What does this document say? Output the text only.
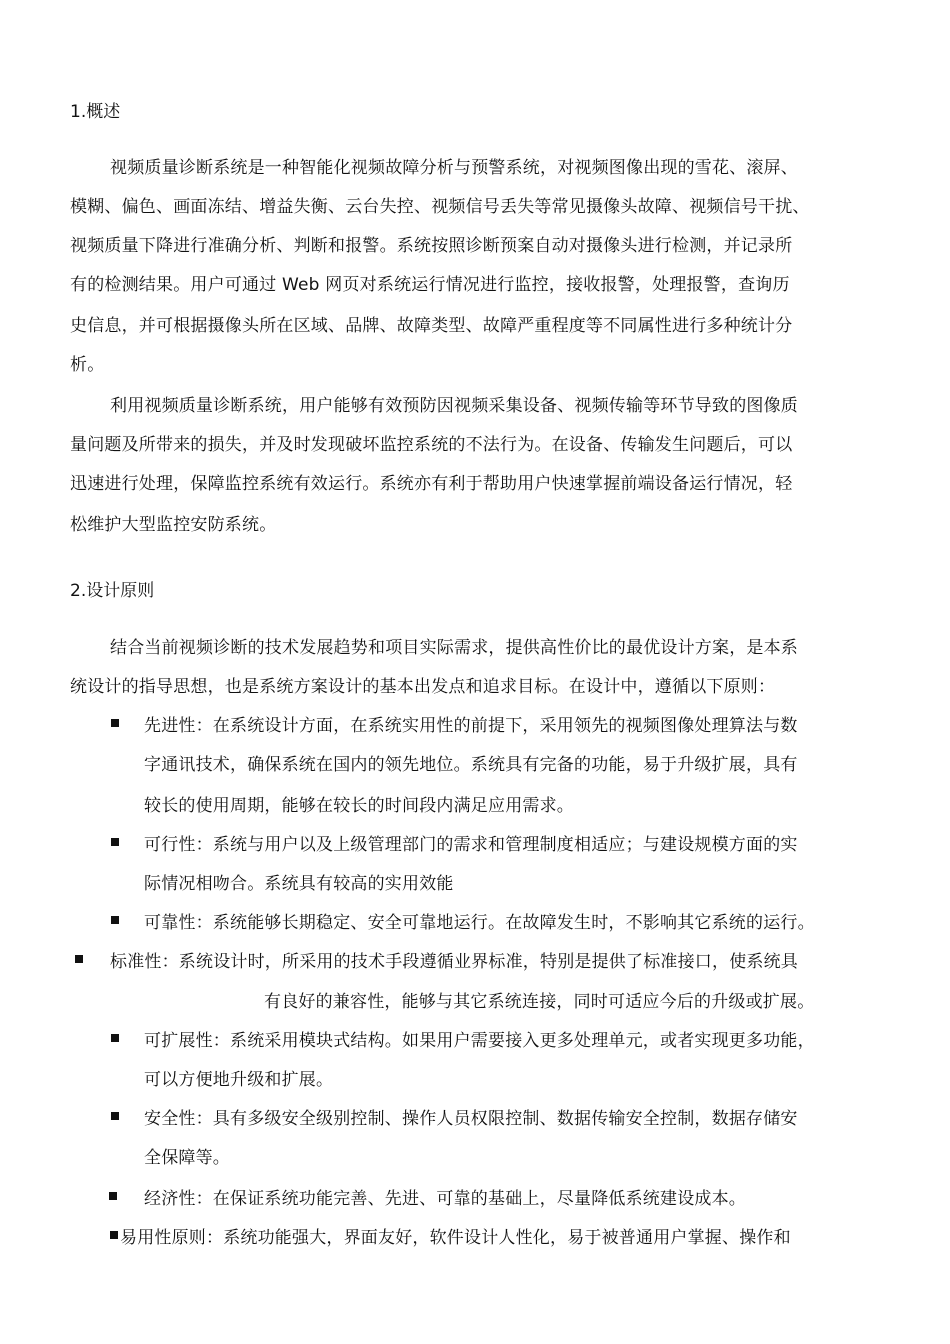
1.概述
视频质量诊断系统是一种智能化视频故障分析与预警系统，对视频图像出现的雪花、滚屏、
模糊、偏色、画面冻结、增益失衡、云台失控、视频信号丢失等常见摄像头故障、视频信号干扰、
视频质量下降进行准确分析、判断和报警。系统按照诊断预案自动对摄像头进行检测，并记录所
有的检测结果。用户可通过 Web 网页对系统运行情况进行监控，接收报警，处理报警，查询历
史信息，并可根据摄像头所在区域、品牌、故障类型、故障严重程度等不同属性进行多种统计分
析。
利用视频质量诊断系统，用户能够有效预防因视频采集设备、视频传输等环节导致的图像质
量问题及所带来的损失，并及时发现破坏监控系统的不法行为。在设备、传输发生问题后，可以
迅速进行处理，保障监控系统有效运行。系统亦有利于帮助用户快速掌握前端设备运行情况，轻
松维护大型监控安防系统。
2.设计原则
结合当前视频诊断的技术发展趋势和项目实际需求，提供高性价比的最优设计方案，是本系
统设计的指导思想，也是系统方案设计的基本出发点和追求目标。在设计中，遵循以下原则：
先进性：在系统设计方面，在系统实用性的前提下，采用领先的视频图像处理算法与数
字通讯技术，确保系统在国内的领先地位。系统具有完备的功能，易于升级扩展，具有
较长的使用周期，能够在较长的时间段内满足应用需求。
可行性：系统与用户以及上级管理部门的需求和管理制度相适应；与建设规模方面的实
际情况相吻合。系统具有较高的实用效能
可靠性：系统能够长期稳定、安全可靠地运行。在故障发生时，不影响其它系统的运行。
标准性：系统设计时，所采用的技术手段遵循业界标准，特别是提供了标准接口，使系统具
有良好的兼容性，能够与其它系统连接，同时可适应今后的升级或扩展。
可扩展性：系统采用模块式结构。如果用户需要接入更多处理单元，或者实现更多功能，
可以方便地升级和扩展。
安全性：具有多级安全级别控制、操作人员权限控制、数据传输安全控制，数据存储安
全保障等。
经济性：在保证系统功能完善、先进、可靠的基础上，尽量降低系统建设成本。
易用性原则：系统功能强大，界面友好，软件设计人性化，易于被普通用户掌握、操作和
